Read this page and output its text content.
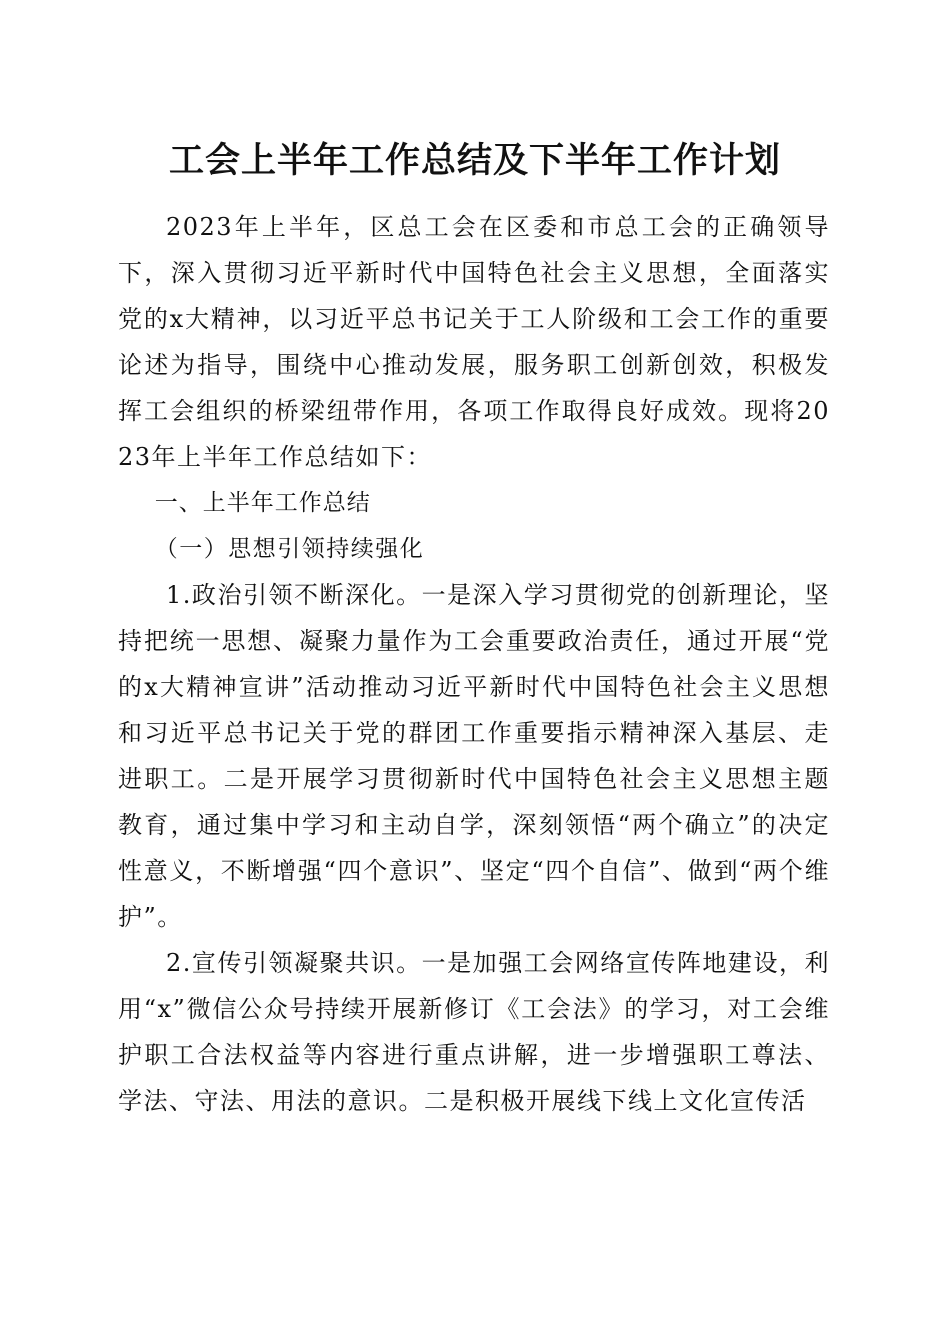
工会上半年工作总结及下半年工作计划

2023年上半年，区总工会在区委和市总工会的正确领导下，深入贯彻习近平新时代中国特色社会主义思想，全面落实党的x大精神，以习近平总书记关于工人阶级和工会工作的重要论述为指导，围绕中心推动发展，服务职工创新创效，积极发挥工会组织的桥梁纽带作用，各项工作取得良好成效。现将2023年上半年工作总结如下：

一、上半年工作总结

（一）思想引领持续强化

1.政治引领不断深化。一是深入学习贯彻党的创新理论，坚持把统一思想、凝聚力量作为工会重要政治责任，通过开展“党的x大精神宣讲”活动推动习近平新时代中国特色社会主义思想和习近平总书记关于党的群团工作重要指示精神深入基层、走进职工。二是开展学习贯彻新时代中国特色社会主义思想主题教育，通过集中学习和主动自学，深刻领悟“两个确立”的决定性意义，不断增强“四个意识”、坚定“四个自信”、做到“两个维护”。

2.宣传引领凝聚共识。一是加强工会网络宣传阵地建设，利用“x”微信公众号持续开展新修订《工会法》的学习，对工会维护职工合法权益等内容进行重点讲解，进一步增强职工尊法、学法、守法、用法的意识。二是积极开展线下线上文化宣传活
